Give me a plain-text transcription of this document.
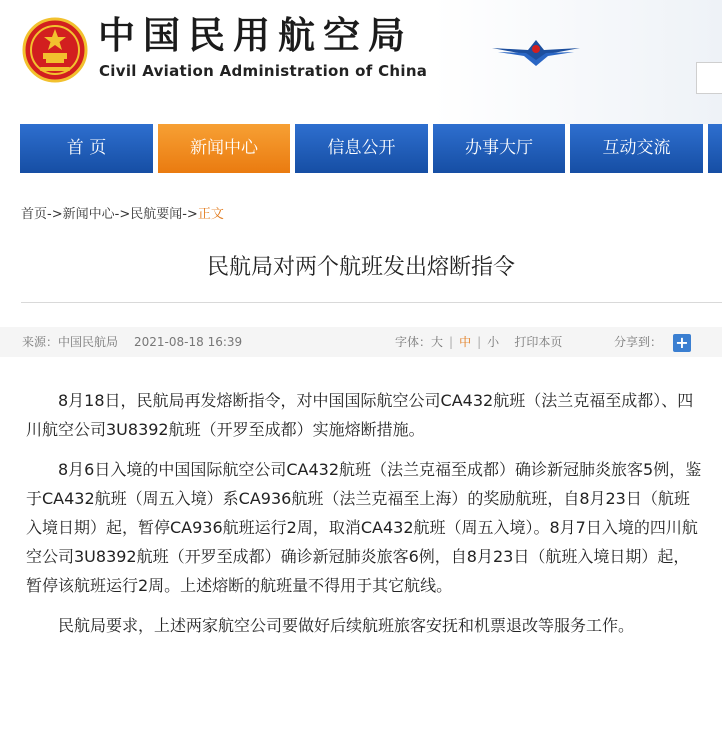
中国民用航空局
Civil Aviation Administration of China
首 页	新闻中心	信息公开	办事大厅	互动交流
首页->新闻中心->民航要闻->正文
民航局对两个航班发出熔断指令
来源：中国民航局 2021-08-18 16:39	字体：大 | 中 | 小 打印本页	分享到： +

8月18日，民航局再发熔断指令，对中国国际航空公司CA432航班（法兰克福至成都）、四川航空公司3U8392航班（开罗至成都）实施熔断措施。

8月6日入境的中国国际航空公司CA432航班（法兰克福至成都）确诊新冠肺炎旅客5例，鉴于CA432航班（周五入境）系CA936航班（法兰克福至上海）的奖励航班，自8月23日（航班入境日期）起，暂停CA936航班运行2周，取消CA432航班（周五入境）。8月7日入境的四川航空公司3U8392航班（开罗至成都）确诊新冠肺炎旅客6例，自8月23日（航班入境日期）起，暂停该航班运行2周。上述熔断的航班量不得用于其它航线。

民航局要求，上述两家航空公司要做好后续航班旅客安抚和机票退改等服务工作。
